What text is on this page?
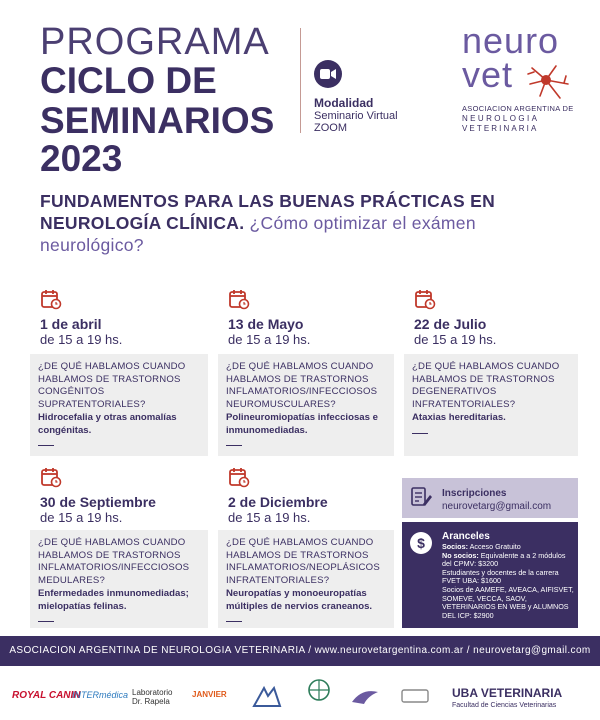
PROGRAMA
CICLO DE
SEMINARIOS
2023
Modalidad
Seminario Virtual
ZOOM
neuro
vet
ASOCIACION ARGENTINA DE
NEUROLOGIA
VETERINARIA
FUNDAMENTOS PARA LAS BUENAS PRÁCTICAS EN NEUROLOGÍA CLÍNICA. ¿Cómo optimizar el exámen neurológico?
1 de abril
de 15 a 19 hs.
¿DE QUÉ HABLAMOS CUANDO HABLAMOS DE TRASTORNOS CONGÉNITOS SUPRATENTORIALES?
Hidrocefalia y otras anomalías congénitas.
13 de Mayo
de 15 a 19 hs.
¿DE QUÉ HABLAMOS CUANDO HABLAMOS DE TRASTORNOS INFLAMATORIOS/INFECCIOSOS NEUROMUSCULARES?
Polineuromiopatías infecciosas e inmunomediadas.
22 de Julio
de 15 a 19 hs.
¿DE QUÉ HABLAMOS CUANDO HABLAMOS DE TRASTORNOS DEGENERATIVOS INFRATENTORIALES?
Ataxias hereditarias.
30 de Septiembre
de 15 a 19 hs.
¿DE QUÉ HABLAMOS CUANDO HABLAMOS DE TRASTORNOS INFLAMATORIOS/INFECCIOSOS MEDULARES?
Enfermedades inmunomediadas; mielopatías felinas.
2 de Diciembre
de 15 a 19 hs.
¿DE QUÉ HABLAMOS CUANDO HABLAMOS DE TRASTORNOS INFLAMATORIOS/NEOPLÁSICOS INFRATENTORIALES?
Neuropatías y monoeuropatías múltiples de nervios craneanos.
Inscripciones
neurovetarg@gmail.com
$	Aranceles
Socios: Acceso Gratuito
No socios: Equivalente a a 2 módulos del CPMV: $3200
Estudiantes y docentes de la carrera FVET UBA: $1600
Socios de AAMEFE, AVEACA, AIFISVET, SOMEVE, VECCA, SAOV, VETERINARIOS EN WEB y ALUMNOS DEL ICP: $2900
ASOCIACION ARGENTINA DE NEUROLOGIA VETERINARIA / www.neurovetargentina.com.ar / neurovetarg@gmail.com
ROYAL CANIN
INTERmédica Laboratorio
Dr. Rapela
JANVIER	UBA VETERINARIA
Facultad de Ciencias Veterinarias
